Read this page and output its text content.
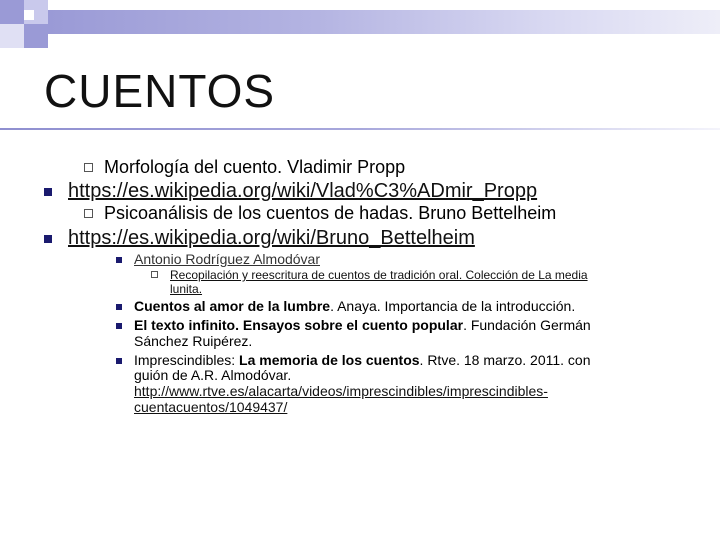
CUENTOS
Morfología del cuento. Vladimir Propp
https://es.wikipedia.org/wiki/Vlad%C3%ADmir_Propp
Psicoanálisis de los cuentos de hadas. Bruno Bettelheim
https://es.wikipedia.org/wiki/Bruno_Bettelheim
Antonio Rodríguez Almodóvar
Recopilación y reescritura de cuentos de tradición oral. Colección de La media
lunita.
Cuentos al amor de la lumbre. Anaya. Importancia de la introducción.
El texto infinito. Ensayos sobre el cuento popular. Fundación Germán
Sánchez Ruipérez.
Imprescindibles: La memoria de los cuentos. Rtve. 18 marzo. 2011. con
guión de A.R. Almodóvar.
http://www.rtve.es/alacarta/videos/imprescindibles/imprescindibles-
cuentacuentos/1049437/
